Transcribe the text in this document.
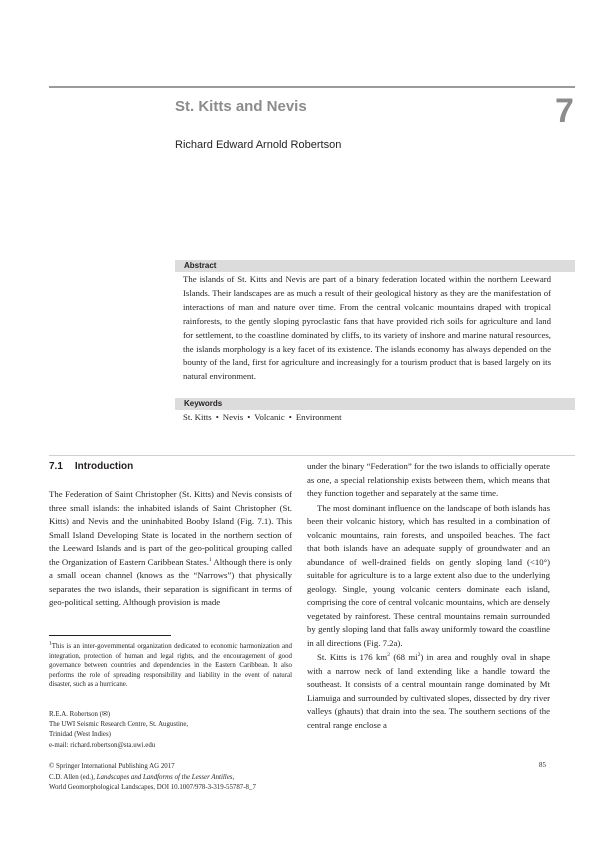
St. Kitts and Nevis	7
Richard Edward Arnold Robertson
Abstract
The islands of St. Kitts and Nevis are part of a binary federation located within the northern Leeward Islands. Their landscapes are as much a result of their geological history as they are the manifestation of interactions of man and nature over time. From the central volcanic mountains draped with tropical rainforests, to the gently sloping pyroclastic fans that have provided rich soils for agriculture and land for settlement, to the coastline dominated by cliffs, to its variety of inshore and marine natural resources, the islands morphology is a key facet of its existence. The islands economy has always depended on the bounty of the land, first for agriculture and increasingly for a tourism product that is based largely on its natural environment.
Keywords
St. Kitts • Nevis • Volcanic • Environment
7.1 Introduction

The Federation of Saint Christopher (St. Kitts) and Nevis consists of three small islands: the inhabited islands of Saint Christopher (St. Kitts) and Nevis and the uninhabited Booby Island (Fig. 7.1). This Small Island Developing State is located in the northern section of the Leeward Islands and is part of the geo-political grouping called the Organization of Eastern Caribbean States.$^1$ Although there is only a small ocean channel (knows as the “Narrows”) that physically separates the two islands, their separation is significant in terms of geo-political setting. Although provision is made

under the binary “Federation” for the two islands to officially operate as one, a special relationship exists between them, which means that they function together and separately at the same time.

The most dominant influence on the landscape of both islands has been their volcanic history, which has resulted in a combination of volcanic mountains, rain forests, and unspoiled beaches. The fact that both islands have an adequate supply of groundwater and an abundance of well-drained fields on gently sloping land (<10°) suitable for agriculture is to a large extent also due to the underlying geology. Single, young volcanic centers dominate each island, comprising the core of central volcanic mountains, which are densely vegetated by rainforest. These central mountains remain surrounded by gently sloping land that falls away uniformly toward the coastline in all directions (Fig. 7.2a).

St. Kitts is 176 $km^2$ (68 $mi^2$) in area and roughly oval in shape with a narrow neck of land extending like a handle toward the southeast. It consists of a central mountain range dominated by Mt Liamuiga and surrounded by cultivated slopes, dissected by dry river valleys (ghauts) that drain into the sea. The southern sections of the central range enclose a

$^1$This is an inter-governmental organization dedicated to economic harmonization and integration, protection of human and legal rights, and the encouragement of good governance between countries and dependencies in the Eastern Caribbean. It also performs the role of spreading responsibility and liability in the event of natural disaster, such as a hurricane.
R.E.A. Robertson (✉)
The UWI Seismic Research Centre, St. Augustine,
Trinidad (West Indies)
e-mail: richard.robertson@sta.uwi.edu
© Springer International Publishing AG 2017
C.D. Allen (ed.), Landscapes and Landforms of the Lesser Antilles,
World Geomorphological Landscapes, DOI 10.1007/978-3-319-55787-8_7
85
